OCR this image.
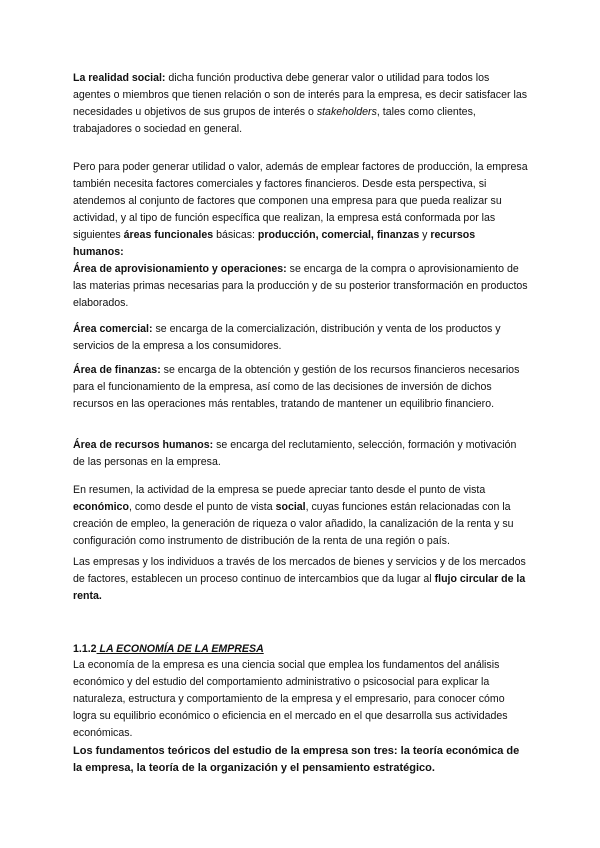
La realidad social: dicha función productiva debe generar valor o utilidad para todos los agentes o miembros que tienen relación o son de interés para la empresa, es decir satisfacer las necesidades u objetivos de sus grupos de interés o stakeholders, tales como clientes, trabajadores o sociedad en general.

Pero para poder generar utilidad o valor, además de emplear factores de producción, la empresa también necesita factores comerciales y factores financieros. Desde esta perspectiva, si atendemos al conjunto de factores que componen una empresa para que pueda realizar su actividad, y al tipo de función específica que realizan, la empresa está conformada por las siguientes áreas funcionales básicas: producción, comercial, finanzas y recursos humanos:

Área de aprovisionamiento y operaciones: se encarga de la compra o aprovisionamiento de las materias primas necesarias para la producción y de su posterior transformación en productos elaborados.

Área comercial: se encarga de la comercialización, distribución y venta de los productos y servicios de la empresa a los consumidores.

Área de finanzas: se encarga de la obtención y gestión de los recursos financieros necesarios para el funcionamiento de la empresa, así como de las decisiones de inversión de dichos recursos en las operaciones más rentables, tratando de mantener un equilibrio financiero.

Área de recursos humanos: se encarga del reclutamiento, selección, formación y motivación de las personas en la empresa.

En resumen, la actividad de la empresa se puede apreciar tanto desde el punto de vista económico, como desde el punto de vista social, cuyas funciones están relacionadas con la creación de empleo, la generación de riqueza o valor añadido, la canalización de la renta y su configuración como instrumento de distribución de la renta de una región o país.

Las empresas y los individuos a través de los mercados de bienes y servicios y de los mercados de factores, establecen un proceso continuo de intercambios que da lugar al flujo circular de la renta.

1.1.2 LA ECONOMÍA DE LA EMPRESA

La economía de la empresa es una ciencia social que emplea los fundamentos del análisis económico y del estudio del comportamiento administrativo o psicosocial para explicar la naturaleza, estructura y comportamiento de la empresa y el empresario, para conocer cómo logra su equilibrio económico o eficiencia en el mercado en el que desarrolla sus actividades económicas.

Los fundamentos teóricos del estudio de la empresa son tres: la teoría económica de la empresa, la teoría de la organización y el pensamiento estratégico.
